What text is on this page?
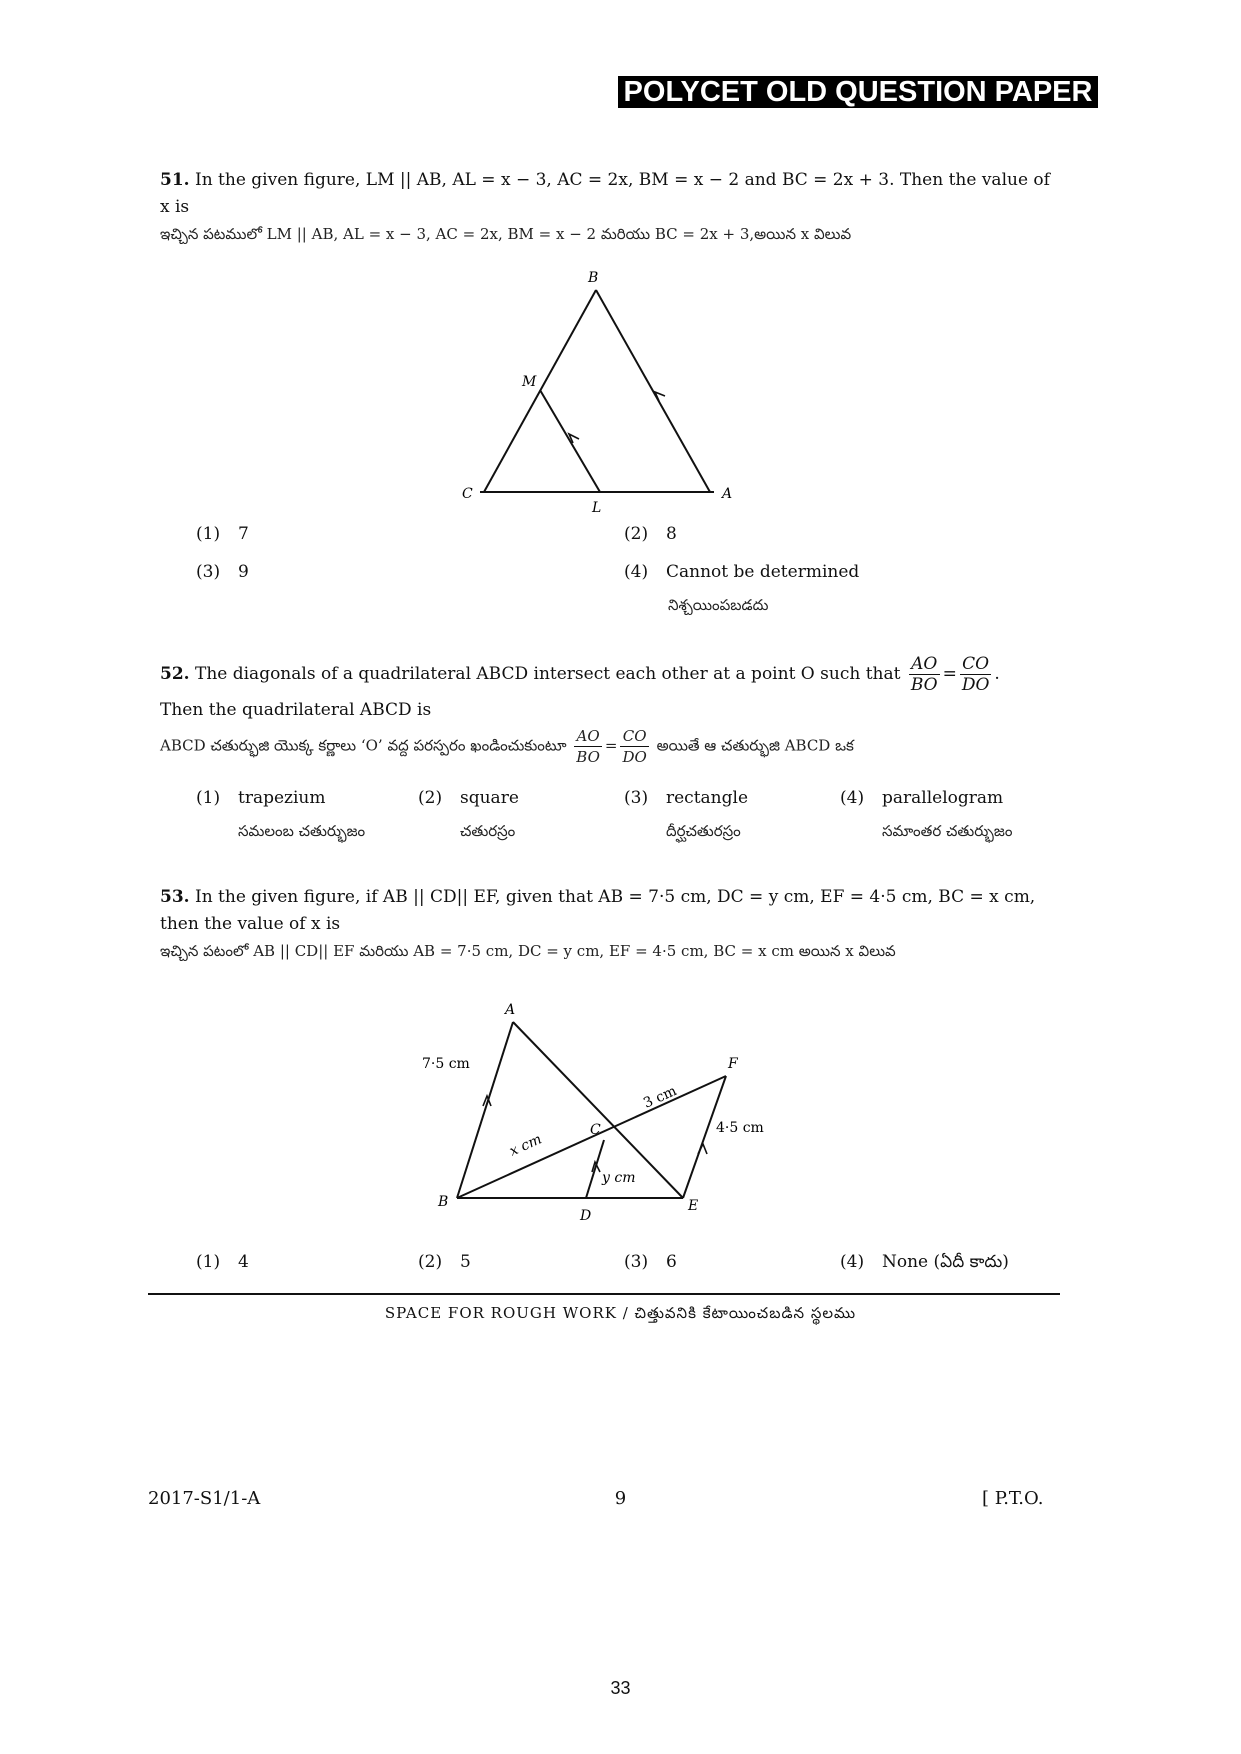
POLYCET OLD QUESTION PAPER
51. In the given figure, LM || AB, AL = x − 3, AC = 2x, BM = x − 2 and BC = 2x + 3. Then the value of x is
ఇచ్చిన పటములో LM || AB, AL = x − 3, AC = 2x, BM = x − 2 మరియు BC = 2x + 3,అయిన x విలువ
B
M
C
L
A
(1) 7	(2) 8
(3) 9	(4) Cannot be determined
నిశ్చయింపబడదు
52. The diagonals of a quadrilateral ABCD intersect each other at a point O such that $\frac{AO}{BO} = \frac{CO}{DO}$ .
Then the quadrilateral ABCD is
ABCD చతుర్భుజి యొక్క కర్ణాలు ‘O’ వద్ద పరస్పరం ఖండించుకుంటూ $\frac{AO}{BO} = \frac{CO}{DO}$ అయితే ఆ చతుర్భుజి ABCD ఒక
(1) trapezium
సమలంబ చతుర్భుజం
(2) square
చతురస్రం
(3) rectangle
దీర్ఘచతురస్రం
(4) parallelogram
సమాంతర చతుర్భుజం
53. In the given figure, if AB || CD|| EF, given that AB = 7·5 cm, DC = y cm, EF = 4·5 cm, BC = x cm, then the value of x is
ఇచ్చిన పటంలో AB || CD|| EF మరియు AB = 7·5 cm, DC = y cm, EF = 4·5 cm, BC = x cm అయిన x విలువ
A
B
C
D
E
F
7·5 cm
3 cm
x cm
y cm
4·5 cm
(1) 4	(2) 5	(3) 6	(4) None (ఏదీ కాదు)
SPACE FOR ROUGH WORK / చిత్తువనికి కేటాయించబడిన స్థలము
2017-S1/1-A	9	[ P.T.O.
33
